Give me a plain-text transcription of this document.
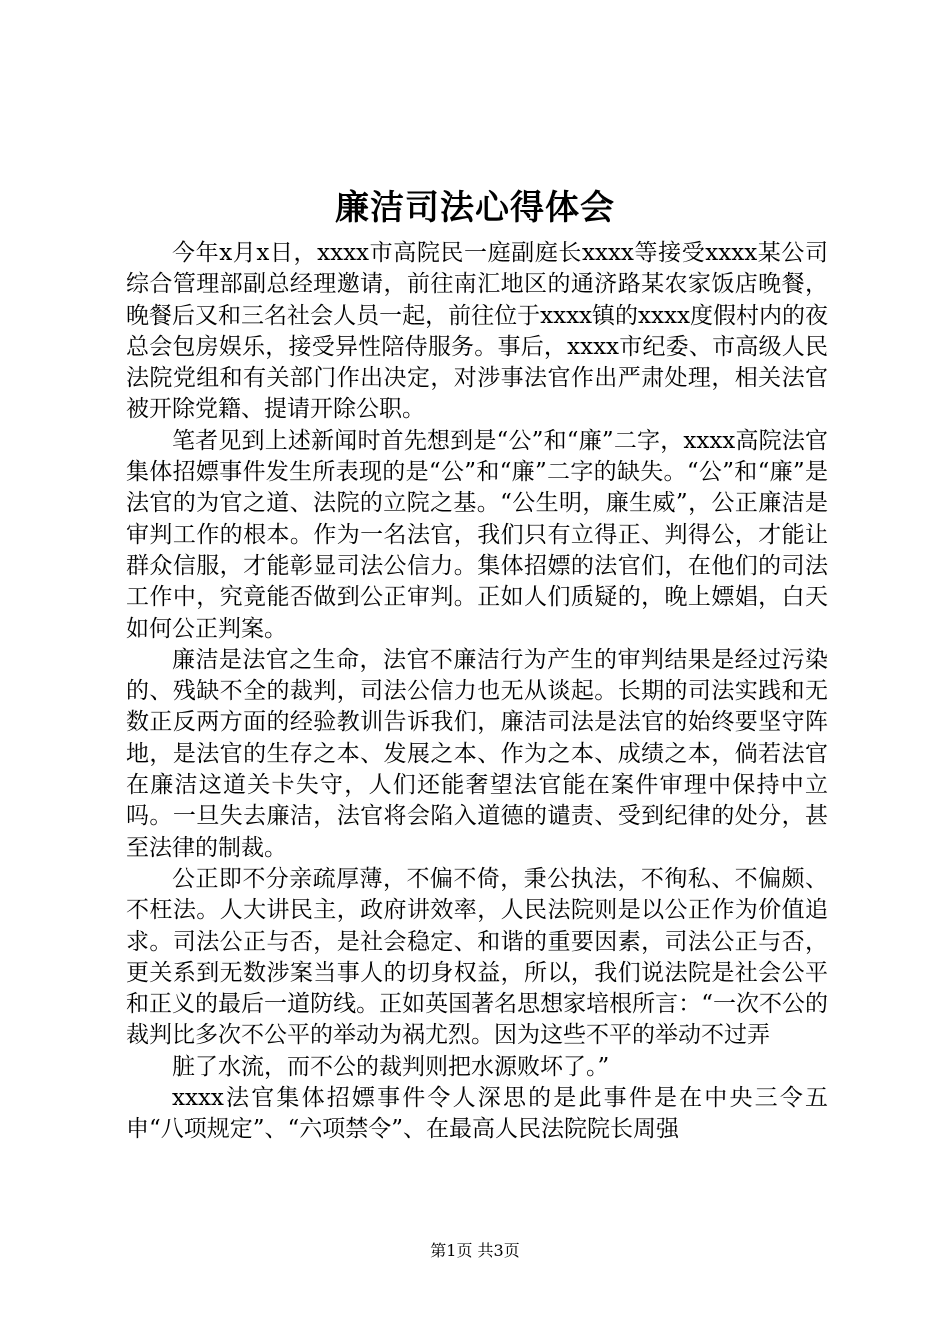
廉洁司法心得体会

今年x月x日，xxxx市高院民一庭副庭长xxxx等接受xxxx某公司综合管理部副总经理邀请，前往南汇地区的通济路某农家饭店晚餐，晚餐后又和三名社会人员一起，前往位于xxxx镇的xxxx度假村内的夜总会包房娱乐，接受异性陪侍服务。事后，xxxx市纪委、市高级人民法院党组和有关部门作出决定，对涉事法官作出严肃处理，相关法官被开除党籍、提请开除公职。

笔者见到上述新闻时首先想到是“公”和“廉”二字，xxxx高院法官集体招嫖事件发生所表现的是“公”和“廉”二字的缺失。“公”和“廉”是法官的为官之道、法院的立院之基。“公生明，廉生威”，公正廉洁是审判工作的根本。作为一名法官，我们只有立得正、判得公，才能让群众信服，才能彰显司法公信力。集体招嫖的法官们，在他们的司法工作中，究竟能否做到公正审判。正如人们质疑的，晚上嫖娼，白天如何公正判案。

廉洁是法官之生命，法官不廉洁行为产生的审判结果是经过污染的、残缺不全的裁判，司法公信力也无从谈起。长期的司法实践和无数正反两方面的经验教训告诉我们，廉洁司法是法官的始终要坚守阵地，是法官的生存之本、发展之本、作为之本、成绩之本，倘若法官在廉洁这道关卡失守，人们还能奢望法官能在案件审理中保持中立吗。一旦失去廉洁，法官将会陷入道德的谴责、受到纪律的处分，甚至法律的制裁。

公正即不分亲疏厚薄，不偏不倚，秉公执法，不徇私、不偏颇、不枉法。人大讲民主，政府讲效率，人民法院则是以公正作为价值追求。司法公正与否，是社会稳定、和谐的重要因素，司法公正与否，更关系到无数涉案当事人的切身权益，所以，我们说法院是社会公平和正义的最后一道防线。正如英国著名思想家培根所言：“一次不公的裁判比多次不公平的举动为祸尤烈。因为这些不平的举动不过弄

脏了水流，而不公的裁判则把水源败坏了。”

xxxx法官集体招嫖事件令人深思的是此事件是在中央三令五申“八项规定”、“六项禁令”、在最高人民法院院长周强

第1页 共3页
